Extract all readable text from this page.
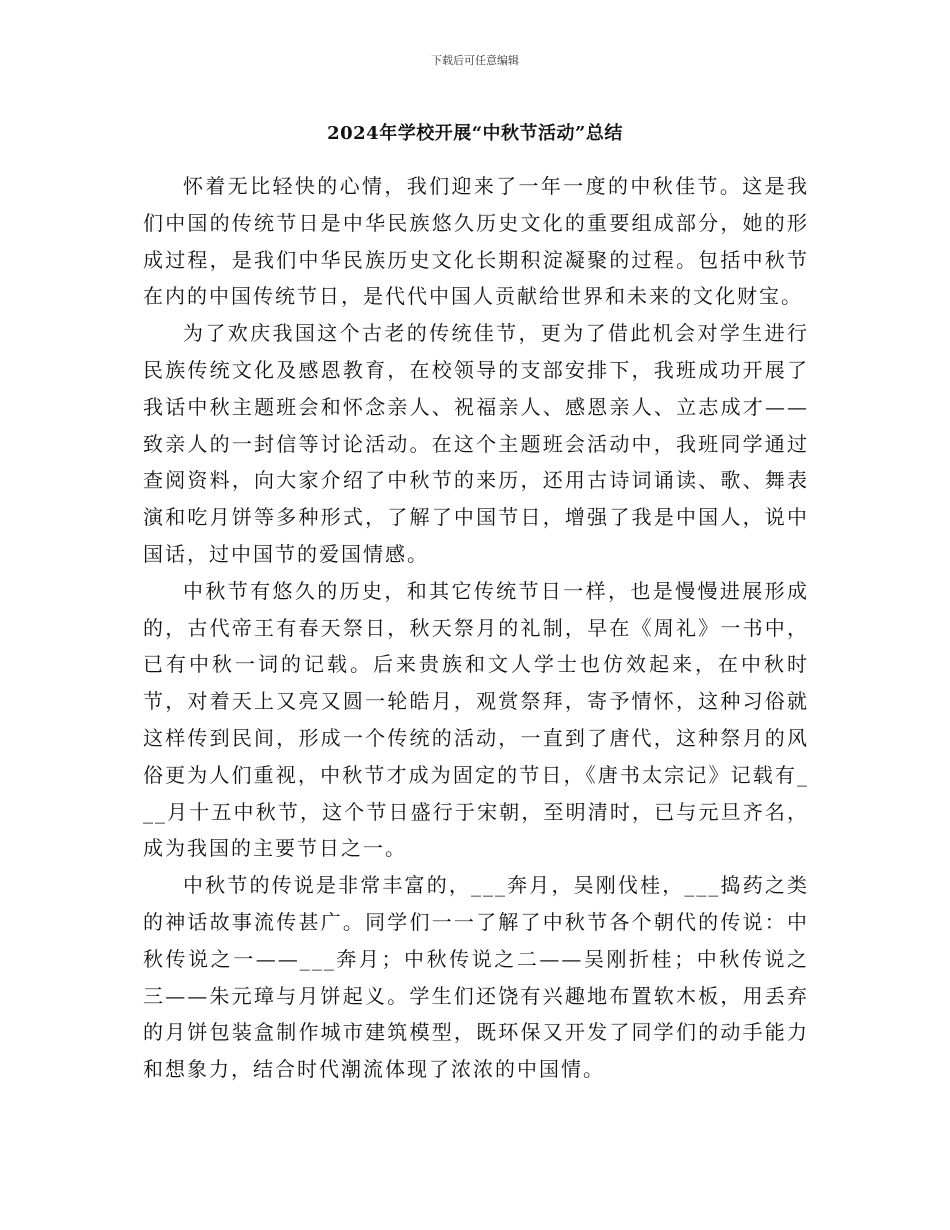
下载后可任意编辑
2024年学校开展“中秋节活动”总结

怀着无比轻快的心情，我们迎来了一年一度的中秋佳节。这是我们中国的传统节日是中华民族悠久历史文化的重要组成部分，她的形成过程，是我们中华民族历史文化长期积淀凝聚的过程。包括中秋节在内的中国传统节日，是代代中国人贡献给世界和未来的文化财宝。

为了欢庆我国这个古老的传统佳节，更为了借此机会对学生进行民族传统文化及感恩教育，在校领导的支部安排下，我班成功开展了我话中秋主题班会和怀念亲人、祝福亲人、感恩亲人、立志成才——致亲人的一封信等讨论活动。在这个主题班会活动中，我班同学通过查阅资料，向大家介绍了中秋节的来历，还用古诗词诵读、歌、舞表演和吃月饼等多种形式，了解了中国节日，增强了我是中国人，说中国话，过中国节的爱国情感。

中秋节有悠久的历史，和其它传统节日一样，也是慢慢进展形成的，古代帝王有春天祭日，秋天祭月的礼制，早在《周礼》一书中，已有中秋一词的记载。后来贵族和文人学士也仿效起来，在中秋时节，对着天上又亮又圆一轮皓月，观赏祭拜，寄予情怀，这种习俗就这样传到民间，形成一个传统的活动，一直到了唐代，这种祭月的风俗更为人们重视，中秋节才成为固定的节日，《唐书太宗记》记载有___月十五中秋节，这个节日盛行于宋朝，至明清时，已与元旦齐名，成为我国的主要节日之一。

中秋节的传说是非常丰富的，___奔月，吴刚伐桂，___捣药之类的神话故事流传甚广。同学们一一了解了中秋节各个朝代的传说：中秋传说之一——___奔月；中秋传说之二——吴刚折桂；中秋传说之三——朱元璋与月饼起义。学生们还饶有兴趣地布置软木板，用丢弃的月饼包装盒制作城市建筑模型，既环保又开发了同学们的动手能力和想象力，结合时代潮流体现了浓浓的中国情。
